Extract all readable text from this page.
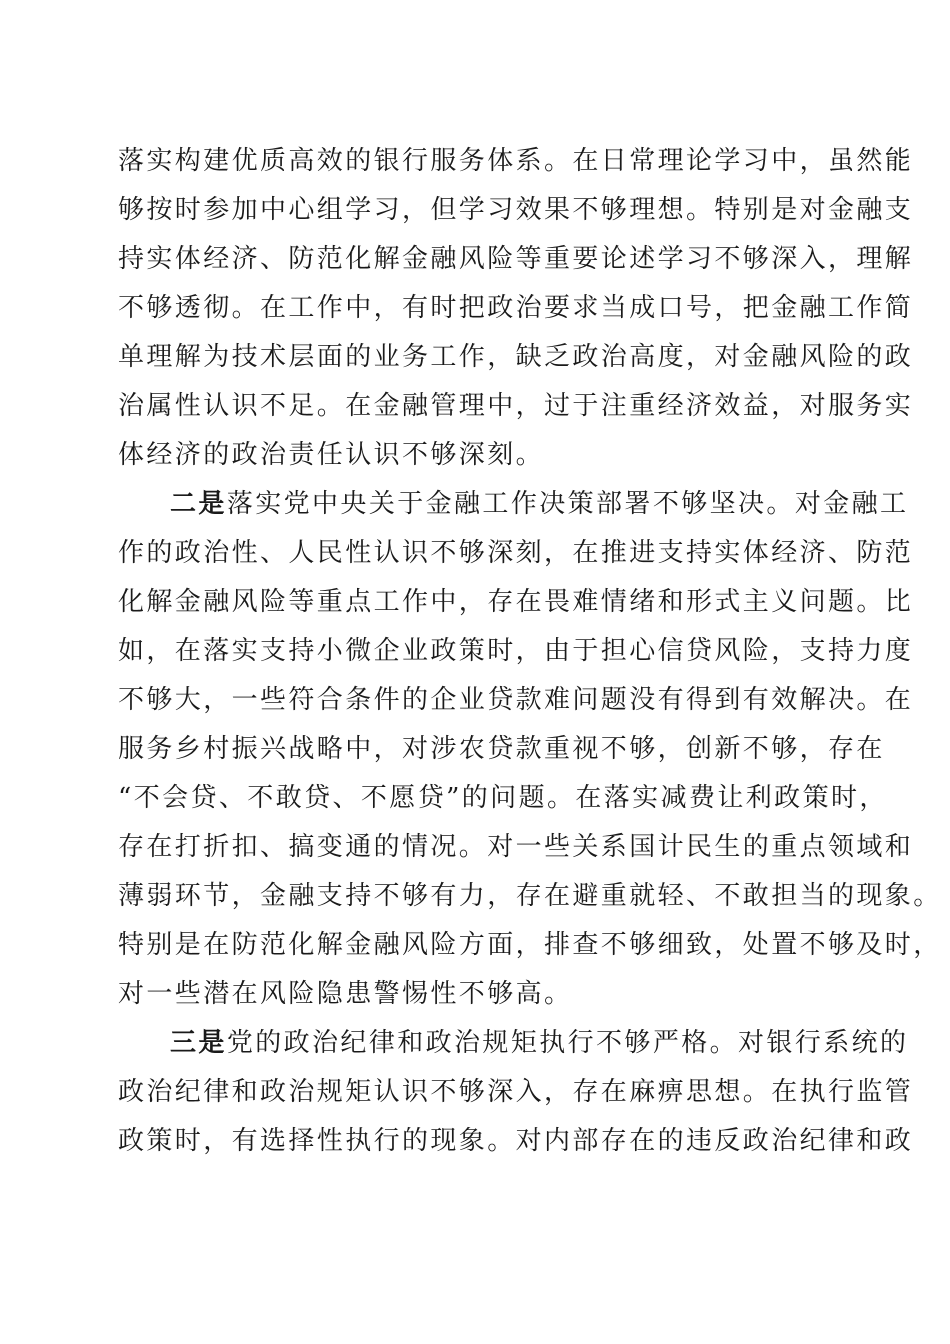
落实构建优质高效的银行服务体系。在日常理论学习中，虽然能
够按时参加中心组学习，但学习效果不够理想。特别是对金融支
持实体经济、防范化解金融风险等重要论述学习不够深入，理解
不够透彻。在工作中，有时把政治要求当成口号，把金融工作简
单理解为技术层面的业务工作，缺乏政治高度，对金融风险的政
治属性认识不足。在金融管理中，过于注重经济效益，对服务实
体经济的政治责任认识不够深刻。
二是落实党中央关于金融工作决策部署不够坚决。对金融工
作的政治性、人民性认识不够深刻，在推进支持实体经济、防范
化解金融风险等重点工作中，存在畏难情绪和形式主义问题。比
如，在落实支持小微企业政策时，由于担心信贷风险，支持力度
不够大，一些符合条件的企业贷款难问题没有得到有效解决。在
服务乡村振兴战略中，对涉农贷款重视不够，创新不够，存在
“不会贷、不敢贷、不愿贷”的问题。在落实减费让利政策时，
存在打折扣、搞变通的情况。对一些关系国计民生的重点领域和
薄弱环节，金融支持不够有力，存在避重就轻、不敢担当的现象。
特别是在防范化解金融风险方面，排查不够细致，处置不够及时，
对一些潜在风险隐患警惕性不够高。
三是党的政治纪律和政治规矩执行不够严格。对银行系统的
政治纪律和政治规矩认识不够深入，存在麻痹思想。在执行监管
政策时，有选择性执行的现象。对内部存在的违反政治纪律和政
